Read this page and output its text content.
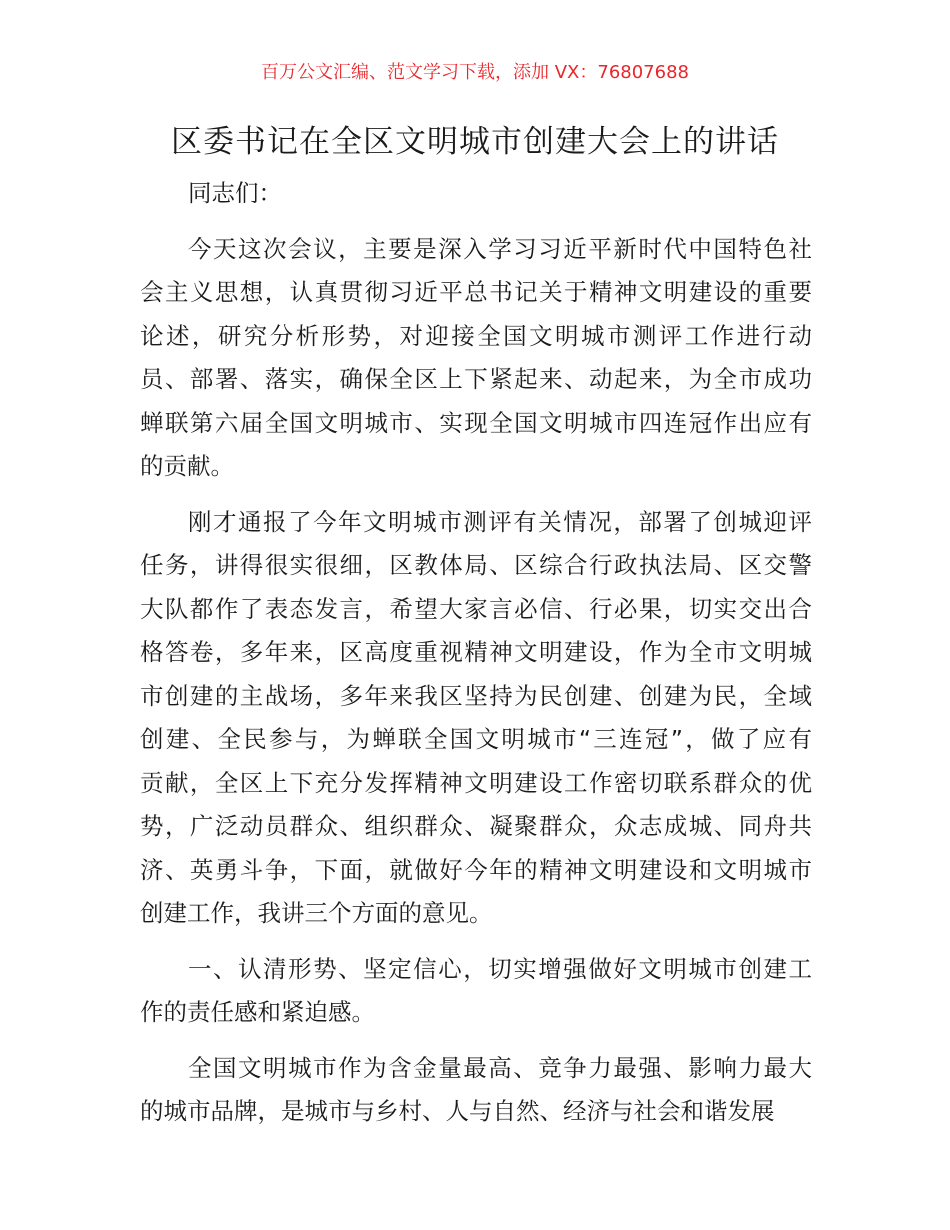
百万公文汇编、范文学习下载，添加 VX：76807688
区委书记在全区文明城市创建大会上的讲话
同志们：
今天这次会议，主要是深入学习习近平新时代中国特色社
会主义思想，认真贯彻习近平总书记关于精神文明建设的重要
论述，研究分析形势，对迎接全国文明城市测评工作进行动
员、部署、落实，确保全区上下紧起来、动起来，为全市成功
蝉联第六届全国文明城市、实现全国文明城市四连冠作出应有
的贡献。
刚才通报了今年文明城市测评有关情况，部署了创城迎评
任务，讲得很实很细，区教体局、区综合行政执法局、区交警
大队都作了表态发言，希望大家言必信、行必果，切实交出合
格答卷，多年来，区高度重视精神文明建设，作为全市文明城
市创建的主战场，多年来我区坚持为民创建、创建为民，全域
创建、全民参与，为蝉联全国文明城市“三连冠”，做了应有
贡献，全区上下充分发挥精神文明建设工作密切联系群众的优
势，广泛动员群众、组织群众、凝聚群众，众志成城、同舟共
济、英勇斗争，下面，就做好今年的精神文明建设和文明城市
创建工作，我讲三个方面的意见。
一、认清形势、坚定信心，切实增强做好文明城市创建工
作的责任感和紧迫感。
全国文明城市作为含金量最高、竞争力最强、影响力最大
的城市品牌，是城市与乡村、人与自然、经济与社会和谐发展
